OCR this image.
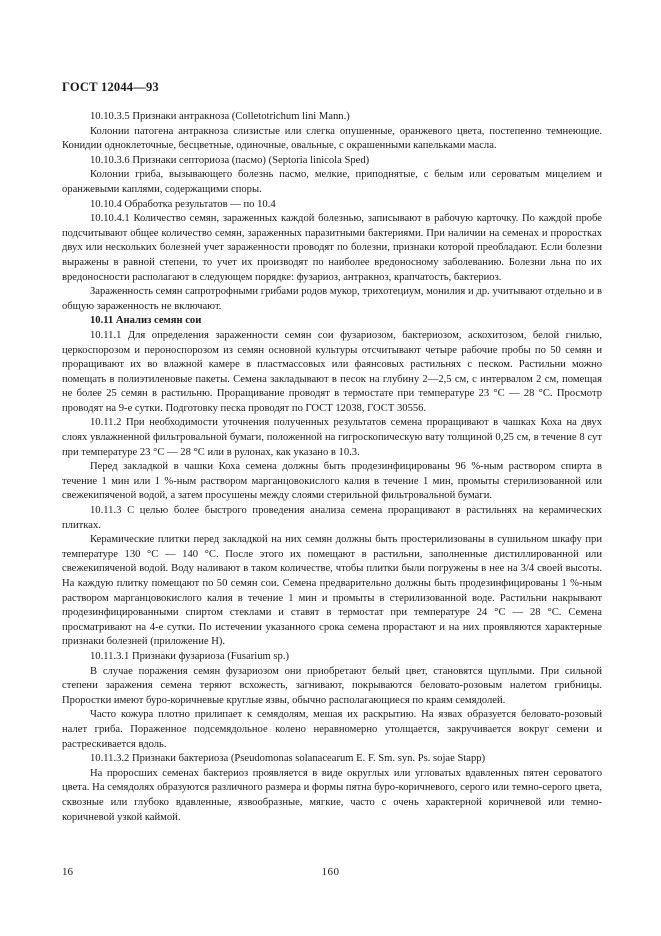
ГОСТ 12044—93

10.10.3.5 Признаки антракноза (Colletotrichum lini Mann.)

Колонии патогена антракноза слизистые или слегка опушенные, оранжевого цвета, постепенно темнеющие. Конидии одноклеточные, бесцветные, одиночные, овальные, с окрашенными капельками масла.

10.10.3.6 Признаки септориоза (пасмо) (Septoria linicola Sped)

Колонии гриба, вызывающего болезнь пасмо, мелкие, приподнятые, с белым или сероватым мицелием и оранжевыми каплями, содержащими споры.

10.10.4 Обработка результатов — по 10.4

10.10.4.1 Количество семян, зараженных каждой болезнью, записывают в рабочую карточку. По каждой пробе подсчитывают общее количество семян, зараженных паразитными бактериями. При наличии на семенах и проростках двух или нескольких болезней учет зараженности проводят по болезни, признаки которой преобладают. Если болезни выражены в равной степени, то учет их производят по наиболее вредоносному заболеванию. Болезни льна по их вредоносности располагают в следующем порядке: фузариоз, антракноз, крапчатость, бактериоз.

Зараженность семян сапротрофными грибами родов мукор, трихотециум, монилия и др. учитывают отдельно и в общую зараженность не включают.

10.11 Анализ семян сои

10.11.1 Для определения зараженности семян сои фузариозом, бактериозом, аскохитозом, белой гнилью, церкоспорозом и пероноспорозом из семян основной культуры отсчитывают четыре рабочие пробы по 50 семян и проращивают их во влажной камере в пластмассовых или фаянсовых растильнях с песком. Растильни можно помещать в полиэтиленовые пакеты. Семена закладывают в песок на глубину 2—2,5 см, с интервалом 2 см, помещая не более 25 семян в растильню. Проращивание проводят в термостате при температуре 23 °С — 28 °С. Просмотр проводят на 9-е сутки. Подготовку песка проводят по ГОСТ 12038, ГОСТ 30556.

10.11.2 При необходимости уточнения полученных результатов семена проращивают в чашках Коха на двух слоях увлажненной фильтровальной бумаги, положенной на гигроскопическую вату толщиной 0,25 см, в течение 8 сут при температуре 23 °С — 28 °С или в рулонах, как указано в 10.3.

Перед закладкой в чашки Коха семена должны быть продезинфицированы 96 %-ным раствором спирта в течение 1 мин или 1 %-ным раствором марганцовокислого калия в течение 1 мин, промыты стерилизованной или свежекипяченой водой, а затем просушены между слоями стерильной фильтровальной бумаги.

10.11.3 С целью более быстрого проведения анализа семена проращивают в растильнях на керамических плитках.

Керамические плитки перед закладкой на них семян должны быть простерилизованы в сушильном шкафу при температуре 130 °С — 140 °С. После этого их помещают в растильни, заполненные дистиллированной или свежекипяченой водой. Воду наливают в таком количестве, чтобы плитки были погружены в нее на 3/4 своей высоты. На каждую плитку помещают по 50 семян сои. Семена предварительно должны быть продезинфицированы 1 %-ным раствором марганцовокислого калия в течение 1 мин и промыты в стерилизованной воде. Растильни накрывают продезинфицированными спиртом стеклами и ставят в термостат при температуре 24 °С — 28 °С. Семена просматривают на 4-е сутки. По истечении указанного срока семена прорастают и на них проявляются характерные признаки болезней (приложение Н).

10.11.3.1 Признаки фузариоза (Fusarium sp.)

В случае поражения семян фузариозом они приобретают белый цвет, становятся щуплыми. При сильной степени заражения семена теряют всхожесть, загнивают, покрываются беловато-розовым налетом грибницы. Проростки имеют буро-коричневые круглые язвы, обычно располагающиеся по краям семядолей.

Часто кожура плотно прилипает к семядолям, мешая их раскрытию. На язвах образуется беловато-розовый налет гриба. Пораженное подсемядольное колено неравномерно утолщается, закручивается вокруг семени и растрескивается вдоль.

10.11.3.2 Признаки бактериоза (Pseudomonas solanacearum E. F. Sm. syn. Ps. sojae Stapp)

На проросших семенах бактериоз проявляется в виде округлых или угловатых вдавленных пятен сероватого цвета. На семядолях образуются различного размера и формы пятна буро-коричневого, серого или темно-серого цвета, сквозные или глубоко вдавленные, язвообразные, мягкие, часто с очень характерной коричневой или темно-коричневой узкой каймой.

16	160
